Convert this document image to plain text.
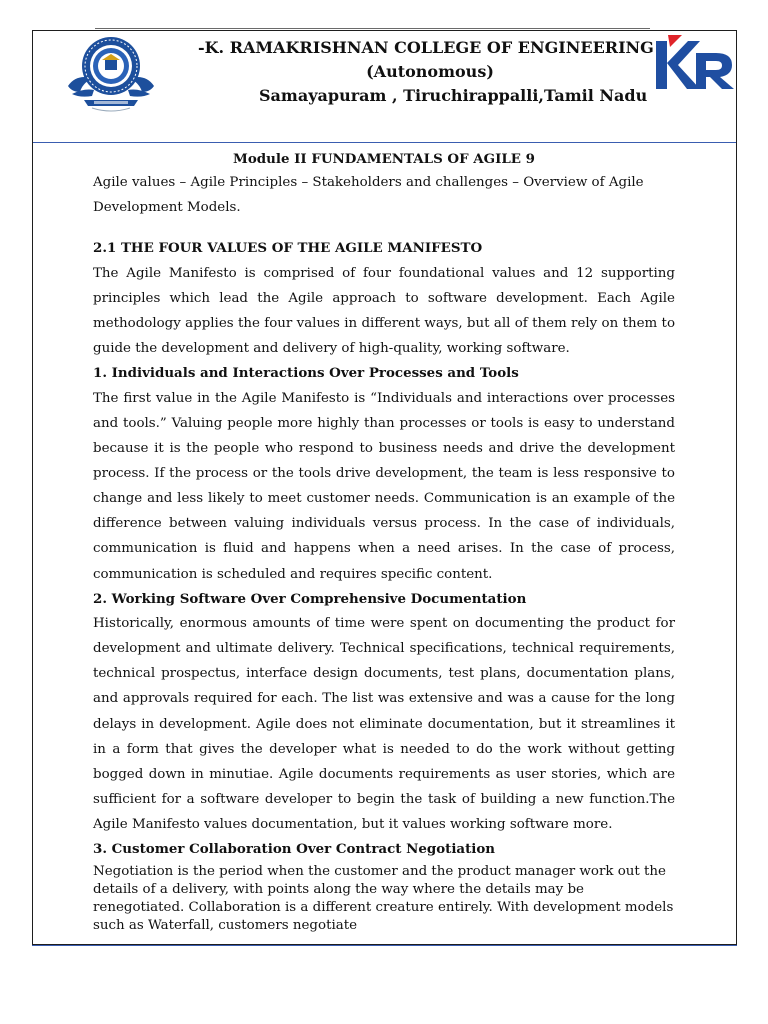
-K. RAMAKRISHNAN COLLEGE OF ENGINEERING
(Autonomous)
Samayapuram , Tiruchirappalli,Tamil Nadu
Module II FUNDAMENTALS OF AGILE 9

Agile values – Agile Principles – Stakeholders and challenges – Overview of Agile Development Models.

2.1 THE FOUR VALUES OF THE AGILE MANIFESTO

The Agile Manifesto is comprised of four foundational values and 12 supporting principles which lead the Agile approach to software development. Each Agile methodology applies the four values in different ways, but all of them rely on them to guide the development and delivery of high-quality, working software.

1. Individuals and Interactions Over Processes and Tools

The first value in the Agile Manifesto is “Individuals and interactions over processes and tools.” Valuing people more highly than processes or tools is easy to understand because it is the people who respond to business needs and drive the development process. If the process or the tools drive development, the team is less responsive to change and less likely to meet customer needs. Communication is an example of the difference between valuing individuals versus process. In the case of individuals, communication is fluid and happens when a need arises. In the case of process, communication is scheduled and requires specific content.

2. Working Software Over Comprehensive Documentation

Historically, enormous amounts of time were spent on documenting the product for development and ultimate delivery. Technical specifications, technical requirements, technical prospectus, interface design documents, test plans, documentation plans, and approvals required for each. The list was extensive and was a cause for the long delays in development. Agile does not eliminate documentation, but it streamlines it in a form that gives the developer what is needed to do the work without getting bogged down in minutiae. Agile documents requirements as user stories, which are sufficient for a software developer to begin the task of building a new function.The Agile Manifesto values documentation, but it values working software more.

3. Customer Collaboration Over Contract Negotiation

Negotiation is the period when the customer and the product manager work out the details of a delivery, with points along the way where the details may be renegotiated. Collaboration is a different creature entirely. With development models such as Waterfall, customers negotiate
